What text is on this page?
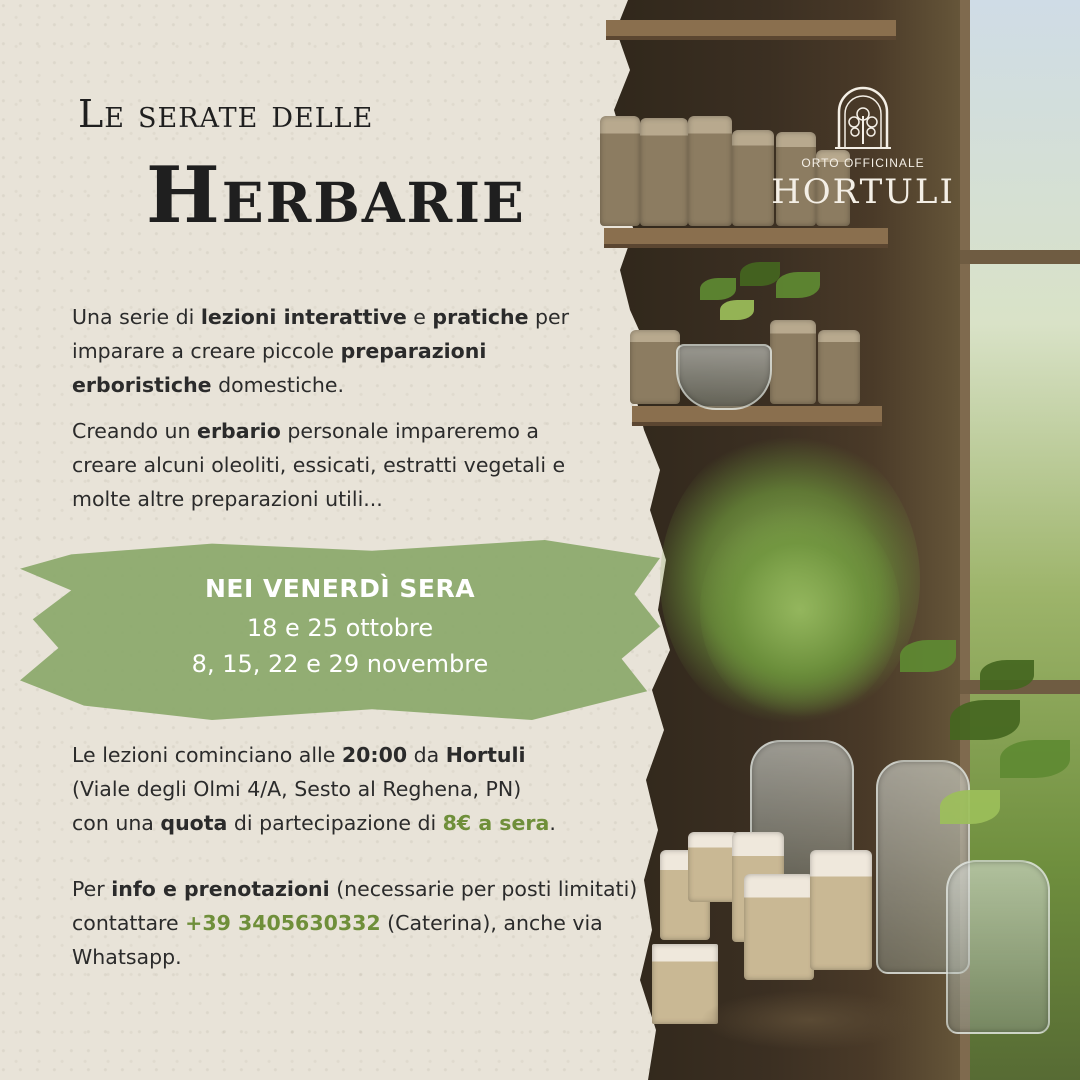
ORTO OFFICINALE
HORTULI
Le serate delle
Herbarie
Una serie di lezioni interattive e pratiche per imparare a creare piccole preparazioni erboristiche domestiche.
Creando un erbario personale impareremo a creare alcuni oleoliti, essicati, estratti vegetali e molte altre preparazioni utili...
NEI VENERDÌ SERA
18 e 25 ottobre
8, 15, 22 e 29 novembre
Le lezioni cominciano alle 20:00 da Hortuli
(Viale degli Olmi 4/A, Sesto al Reghena, PN)
con una quota di partecipazione di 8€ a sera.
Per info e prenotazioni (necessarie per posti limitati) contattare +39 3405630332 (Caterina), anche via Whatsapp.
